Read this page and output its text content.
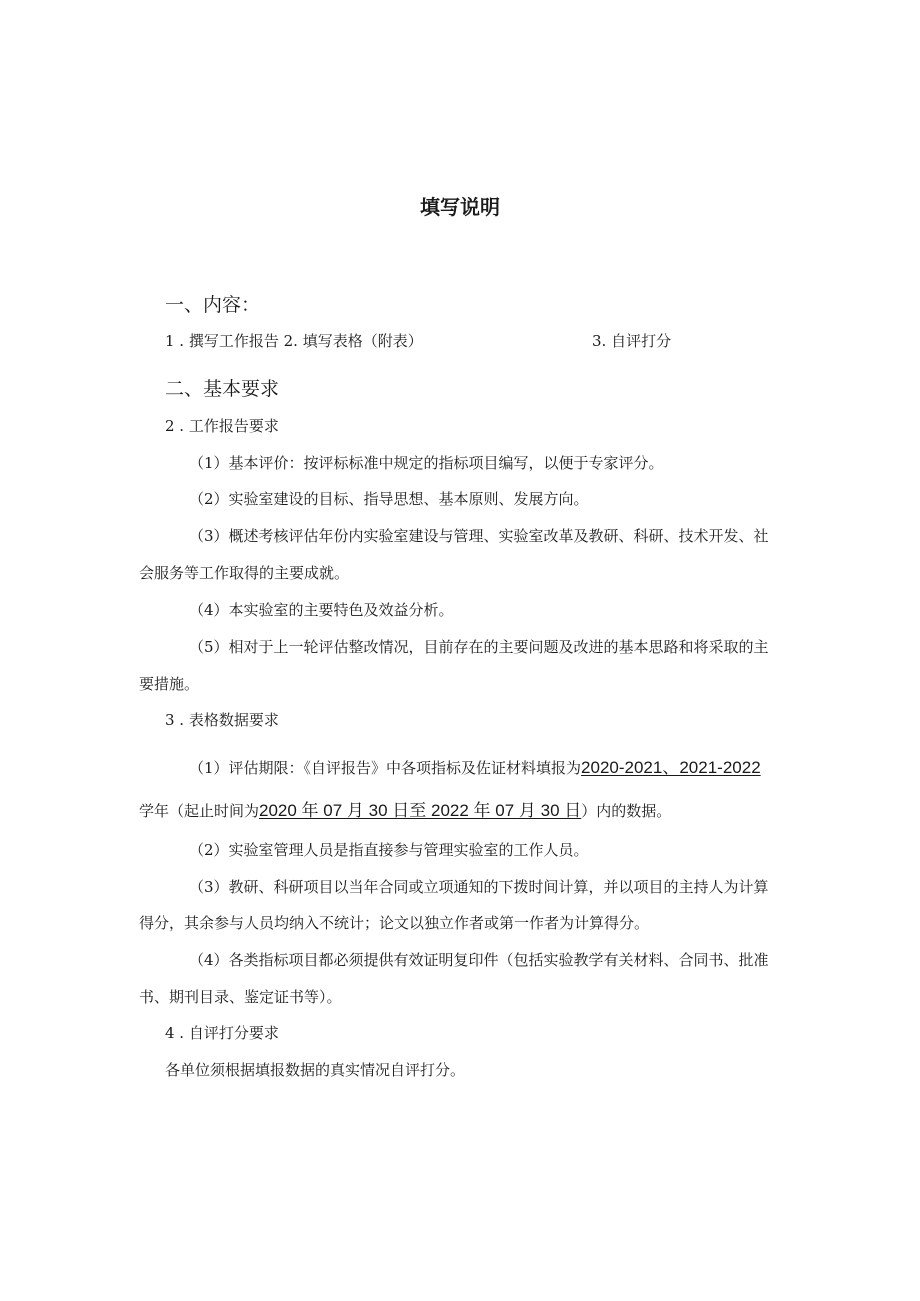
填写说明
一、内容：
1 . 撰写工作报告 2. 填写表格（附表）	3. 自评打分
二、基本要求
2 . 工作报告要求
（1）基本评价：按评标标准中规定的指标项目编写，以便于专家评分。
（2）实验室建设的目标、指导思想、基本原则、发展方向。
（3）概述考核评估年份内实验室建设与管理、实验室改革及教研、科研、技术开发、社
会服务等工作取得的主要成就。
（4）本实验室的主要特色及效益分析。
（5）相对于上一轮评估整改情况，目前存在的主要问题及改进的基本思路和将采取的主
要措施。
3 . 表格数据要求
（1）评估期限：《自评报告》中各项指标及佐证材料填报为2020-2021、2021-2022
学年（起止时间为2020 年 07 月 30 日至 2022 年 07 月 30 日）内的数据。
（2）实验室管理人员是指直接参与管理实验室的工作人员。
（3）教研、科研项目以当年合同或立项通知的下拨时间计算，并以项目的主持人为计算
得分，其余参与人员均纳入不统计；论文以独立作者或第一作者为计算得分。
（4）各类指标项目都必须提供有效证明复印件（包括实验教学有关材料、合同书、批准
书、期刊目录、鉴定证书等）。
4 . 自评打分要求
各单位须根据填报数据的真实情况自评打分。
